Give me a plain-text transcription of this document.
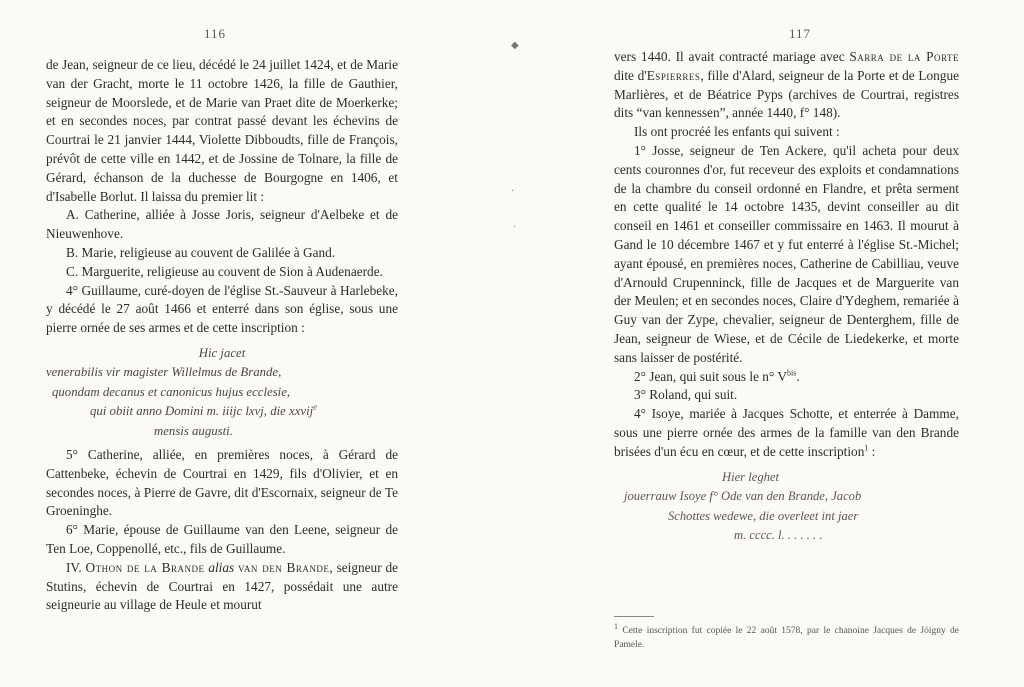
116

de Jean, seigneur de ce lieu, décédé le 24 juillet 1424, et de Marie van der Gracht, morte le 11 octobre 1426, la fille de Gauthier, seigneur de Moorslede, et de Marie van Praet dite de Moerkerke; et en secondes noces, par contrat passé devant les échevins de Courtrai le 21 janvier 1444, Violette Dibboudts, fille de François, prévôt de cette ville en 1442, et de Jossine de Tolnare, la fille de Gérard, échanson de la duchesse de Bourgogne en 1406, et d'Isabelle Borlut. Il laissa du premier lit :

A. Catherine, alliée à Josse Joris, seigneur d'Aelbeke et de Nieuwenhove.

B. Marie, religieuse au couvent de Galilée à Gand.

C. Marguerite, religieuse au couvent de Sion à Audenaerde.

4° Guillaume, curé-doyen de l'église St.-Sauveur à Harlebeke, y décédé le 27 août 1466 et enterré dans son église, sous une pierre ornée de ses armes et de cette inscription :

Hic jacet
venerabilis vir magister Willelmus de Brande,
quondam decanus et canonicus hujus ecclesie,
qui obiit anno Domini m. iiijc lxvj, die xxvij$^e$
mensis augusti.

5° Catherine, alliée, en premières noces, à Gérard de Cattenbeke, échevin de Courtrai en 1429, fils d'Olivier, et en secondes noces, à Pierre de Gavre, dit d'Escornaix, seigneur de Te Groeninghe.

6° Marie, épouse de Guillaume van den Leene, seigneur de Ten Loe, Coppenollé, etc., fils de Guillaume.

IV. Othon de la Brande alias van den Brande, seigneur de Stutins, échevin de Courtrai en 1427, possédait une autre seigneurie au village de Heule et mourut

◆
·
·
117

vers 1440. Il avait contracté mariage avec Sarra de la Porte dite d'Espierres, fille d'Alard, seigneur de la Porte et de Longue Marlières, et de Béatrice Pyps (archives de Courtrai, registres dits “van kennessen”, année 1440, f° 148).

Ils ont procréé les enfants qui suivent :

1° Josse, seigneur de Ten Ackere, qu'il acheta pour deux cents couronnes d'or, fut receveur des exploits et condamnations de la chambre du conseil ordonné en Flandre, et prêta serment en cette qualité le 14 octobre 1435, devint conseiller au dit conseil en 1461 et conseiller commissaire en 1463. Il mourut à Gand le 10 décembre 1467 et y fut enterré à l'église St.-Michel; ayant épousé, en premières noces, Catherine de Cabilliau, veuve d'Arnould Crupenninck, fille de Jacques et de Marguerite van der Meulen; et en secondes noces, Claire d'Ydeghem, remariée à Guy van der Zype, chevalier, seigneur de Denterghem, fille de Jean, seigneur de Wiese, et de Cécile de Liedekerke, et morte sans laisser de postérité.

2° Jean, qui suit sous le n° $V^{bis}$.

3° Roland, qui suit.

4° Isoye, mariée à Jacques Schotte, et enterrée à Damme, sous une pierre ornée des armes de la famille van den Brande brisées d'un écu en cœur, et de cette inscription$^1$ :

Hier leghet
jouerrauw Isoye f° Ode van den Brande, Jacob
Schottes wedewe, die overleet int jaer
m. cccc. l. . . . . . .
$^1$ Cette inscription fut copiée le 22 août 1578, par le chanoine Jacques de Jóigny de Pamele.
